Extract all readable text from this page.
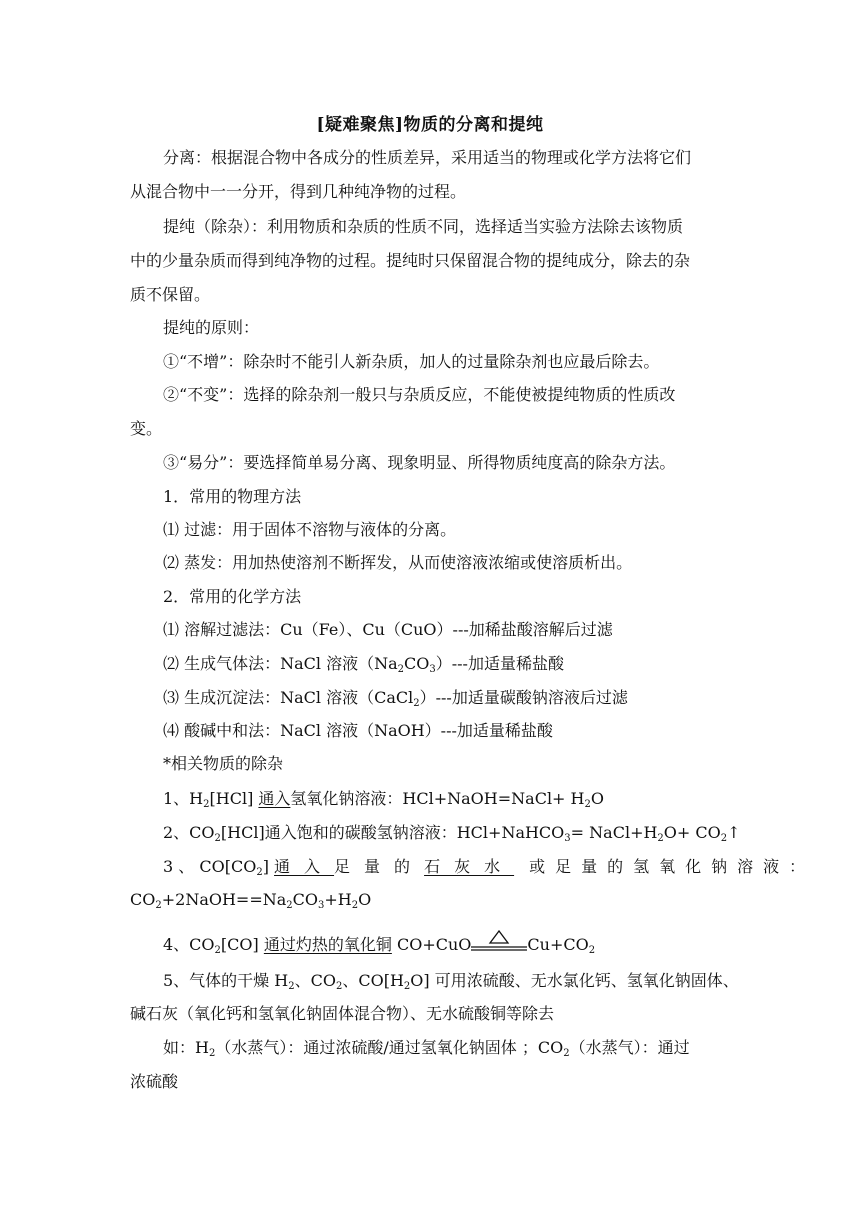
[疑难聚焦]物质的分离和提纯
分离：根据混合物中各成分的性质差异，采用适当的物理或化学方法将它们
从混合物中一一分开，得到几种纯净物的过程。
提纯（除杂）：利用物质和杂质的性质不同，选择适当实验方法除去该物质
中的少量杂质而得到纯净物的过程。提纯时只保留混合物的提纯成分，除去的杂
质不保留。
提纯的原则：
①“不增”：除杂时不能引人新杂质，加人的过量除杂剂也应最后除去。
②“不变”：选择的除杂剂一般只与杂质反应，不能使被提纯物质的性质改
变。
③“易分”：要选择简单易分离、现象明显、所得物质纯度高的除杂方法。
1．常用的物理方法
⑴ 过滤：用于固体不溶物与液体的分离。
⑵ 蒸发：用加热使溶剂不断挥发，从而使溶液浓缩或使溶质析出。
2．常用的化学方法
⑴ 溶解过滤法：Cu（Fe）、Cu（CuO）---加稀盐酸溶解后过滤
⑵ 生成气体法：NaCl 溶液$(Na_2CO_3)---$加适量稀盐酸
⑶ 生成沉淀法：NaCl 溶液（CaCl$_2$）---加适量碳酸钠溶液后过滤
⑷ 酸碱中和法：NaCl 溶液（NaOH）---加适量稀盐酸
*相关物质的除杂
1、$H_2[HCl]$ 通入氢氧化钠溶液：HCl+NaOH=NaCl+ $H_2O$
2、$CO_2[HCl]$通入饱和的碳酸氢钠溶液：HCl+NaHCO$_3$= $NaCl+H_2O+$ $CO_2↑$
3 、 $CO[CO_2]$ 通入足量的石灰水 或足量的氢氧化钠溶液：
$CO_2+2NaOH==Na_2CO_3+H_2O$
4、$CO_2[CO]$ 通过灼热的氧化铜 CO+CuO	$Cu+CO_2$
5、气体的干燥 $H_2$、$CO_2$、$CO[H_2O]$ 可用浓硫酸、无水氯化钙、氢氧化钠固体、
碱石灰（氧化钙和氢氧化钠固体混合物）、无水硫酸铜等除去
如：$H_2$（水蒸气）：通过浓硫酸/通过氢氧化钠固体 ；$CO_2$（水蒸气）：通过
浓硫酸
